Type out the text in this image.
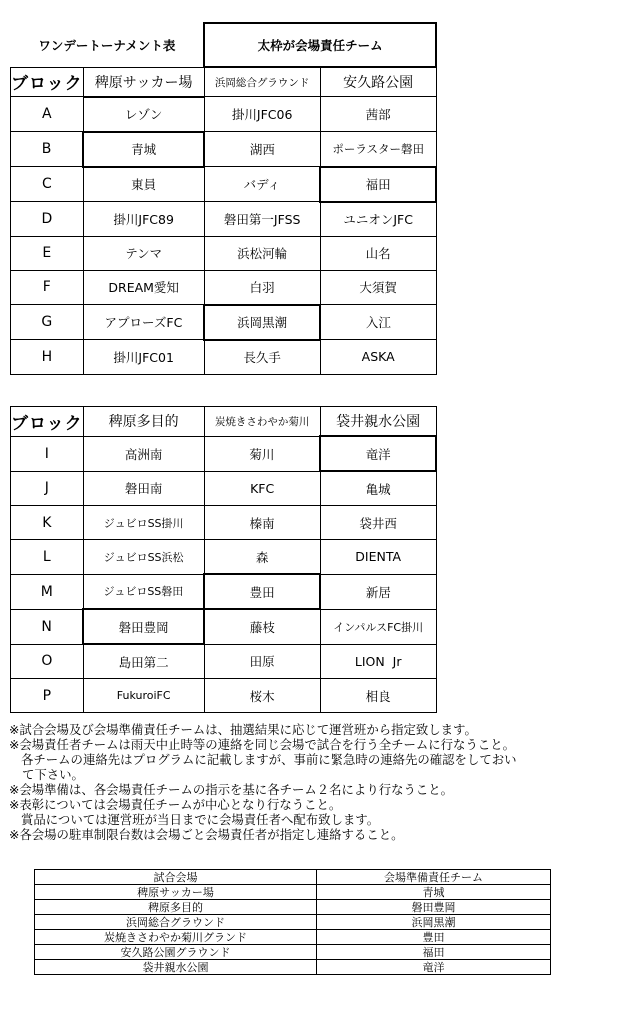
ワンデートーナメント表		太枠が会場責任チーム	
ブロック	稗原サッカー場	浜岡総合グラウンド	安久路公園
A	レゾン	掛川JFC06	茜部
B	青城	湖西	ポーラスター磐田
C	東員	バディ	福田
D	掛川JFC89	磐田第一JFSS	ユニオンJFC
E	テンマ	浜松河輪	山名
F	DREAM愛知	白羽	大須賀
G	アプローズFC	浜岡黒潮	入江
H	掛川JFC01	長久手	ASKA
ブロック	稗原多目的	炭焼きさわやか菊川	袋井親水公園
I	高洲南	菊川	竜洋
J	磐田南	KFC	亀城
K	ジュビロSS掛川	榛南	袋井西
L	ジュビロSS浜松	森	DIENTA
M	ジュビロSS磐田	豊田	新居
N	磐田豊岡	藤枝	インパルスFC掛川
O	島田第二	田原	LION  Jr
P	FukuroiFC	桜木	相良
※試合会場及び会場準備責任チームは、抽選結果に応じて運営班から指定致します。
※会場責任者チームは雨天中止時等の連絡を同じ会場で試合を行う全チームに行なうこと。
各チームの連絡先はプログラムに記載しますが、事前に緊急時の連絡先の確認をしておい
て下さい。
※会場準備は、各会場責任チームの指示を基に各チーム２名により行なうこと。
※表彰については会場責任チームが中心となり行なうこと。
賞品については運営班が当日までに会場責任者へ配布致します。
※各会場の駐車制限台数は会場ごと会場責任者が指定し連絡すること。
試合会場	会場準備責任チーム
稗原サッカー場	青城
稗原多目的	磐田豊岡
浜岡総合グラウンド	浜岡黒潮
炭焼きさわやか菊川グランド	豊田
安久路公園グラウンド	福田
袋井親水公園	竜洋
